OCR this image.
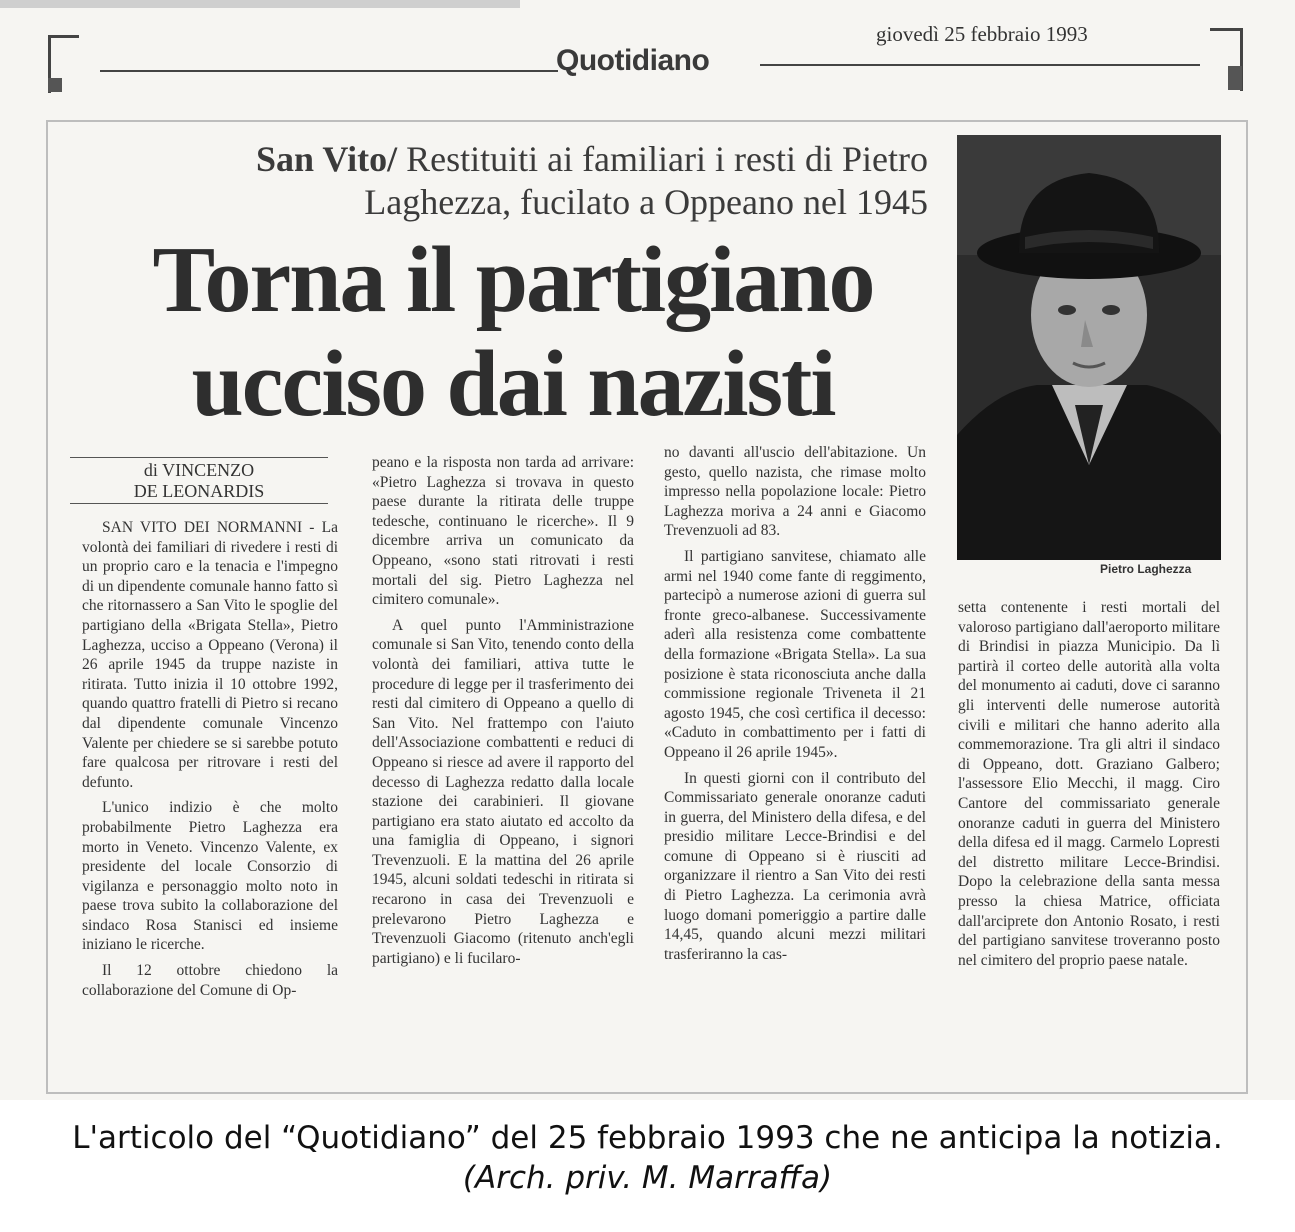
giovedì 25 febbraio 1993
Quotidiano
San Vito/ Restituiti ai familiari i resti di Pietro
Laghezza, fucilato a Oppeano nel 1945
Torna il partigiano
ucciso dai nazisti
Pietro Laghezza
di VINCENZO
DE LEONARDIS

SAN VITO DEI NORMANNI - La volontà dei familiari di rivedere i resti di un proprio caro e la tenacia e l'impegno di un dipendente comunale hanno fatto sì che ritornassero a San Vito le spoglie del partigiano della «Brigata Stella», Pietro Laghezza, ucciso a Oppeano (Verona) il 26 aprile 1945 da truppe naziste in ritirata. Tutto inizia il 10 ottobre 1992, quando quattro fratelli di Pietro si recano dal dipendente comunale Vincenzo Valente per chiedere se si sarebbe potuto fare qualcosa per ritrovare i resti del defunto.

L'unico indizio è che molto probabilmente Pietro Laghezza era morto in Veneto. Vincenzo Valente, ex presidente del locale Consorzio di vigilanza e personaggio molto noto in paese trova subito la collaborazione del sindaco Rosa Stanisci ed insieme iniziano le ricerche.

Il 12 ottobre chiedono la collaborazione del Comune di Op-

peano e la risposta non tarda ad arrivare: «Pietro Laghezza si trovava in questo paese durante la ritirata delle truppe tedesche, continuano le ricerche». Il 9 dicembre arriva un comunicato da Oppeano, «sono stati ritrovati i resti mortali del sig. Pietro Laghezza nel cimitero comunale».

A quel punto l'Amministrazione comunale si San Vito, tenendo conto della volontà dei familiari, attiva tutte le procedure di legge per il trasferimento dei resti dal cimitero di Oppeano a quello di San Vito. Nel frattempo con l'aiuto dell'Associazione combattenti e reduci di Oppeano si riesce ad avere il rapporto del decesso di Laghezza redatto dalla locale stazione dei carabinieri. Il giovane partigiano era stato aiutato ed accolto da una famiglia di Oppeano, i signori Trevenzuoli. E la mattina del 26 aprile 1945, alcuni soldati tedeschi in ritirata si recarono in casa dei Trevenzuoli e prelevarono Pietro Laghezza e Trevenzuoli Giacomo (ritenuto anch'egli partigiano) e li fucilaro-

no davanti all'uscio dell'abitazione. Un gesto, quello nazista, che rimase molto impresso nella popolazione locale: Pietro Laghezza moriva a 24 anni e Giacomo Trevenzuoli ad 83.

Il partigiano sanvitese, chiamato alle armi nel 1940 come fante di reggimento, partecipò a numerose azioni di guerra sul fronte greco-albanese. Successivamente aderì alla resistenza come combattente della formazione «Brigata Stella». La sua posizione è stata riconosciuta anche dalla commissione regionale Triveneta il 21 agosto 1945, che così certifica il decesso: «Caduto in combattimento per i fatti di Oppeano il 26 aprile 1945».

In questi giorni con il contributo del Commissariato generale onoranze caduti in guerra, del Ministero della difesa, e del presidio militare Lecce-Brindisi e del comune di Oppeano si è riusciti ad organizzare il rientro a San Vito dei resti di Pietro Laghezza. La cerimonia avrà luogo domani pomeriggio a partire dalle 14,45, quando alcuni mezzi militari trasferiranno la cas-

setta contenente i resti mortali del valoroso partigiano dall'aeroporto militare di Brindisi in piazza Municipio. Da lì partirà il corteo delle autorità alla volta del monumento ai caduti, dove ci saranno gli interventi delle numerose autorità civili e militari che hanno aderito alla commemorazione. Tra gli altri il sindaco di Oppeano, dott. Graziano Galbero; l'assessore Elio Mecchi, il magg. Ciro Cantore del commissariato generale onoranze caduti in guerra del Ministero della difesa ed il magg. Carmelo Lopresti del distretto militare Lecce-Brindisi. Dopo la celebrazione della santa messa presso la chiesa Matrice, officiata dall'arciprete don Antonio Rosato, i resti del partigiano sanvitese troveranno posto nel cimitero del proprio paese natale.

L'articolo del “Quotidiano” del 25 febbraio 1993 che ne anticipa la notizia.
(Arch. priv. M. Marraffa)
